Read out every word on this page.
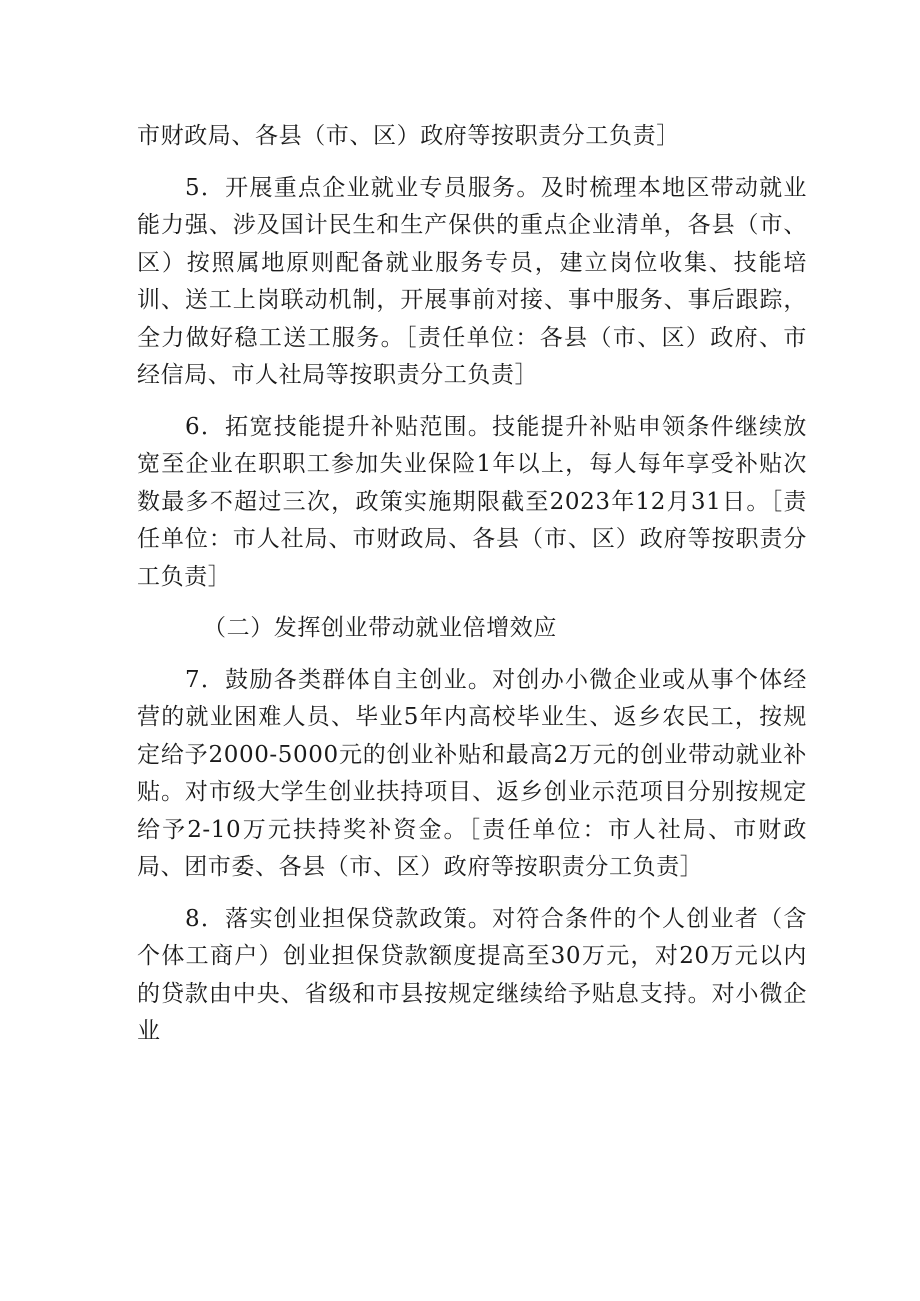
市财政局、各县（市、区）政府等按职责分工负责］

5．开展重点企业就业专员服务。及时梳理本地区带动就业能力强、涉及国计民生和生产保供的重点企业清单，各县（市、区）按照属地原则配备就业服务专员，建立岗位收集、技能培训、送工上岗联动机制，开展事前对接、事中服务、事后跟踪，全力做好稳工送工服务。［责任单位：各县（市、区）政府、市经信局、市人社局等按职责分工负责］

6．拓宽技能提升补贴范围。技能提升补贴申领条件继续放宽至企业在职职工参加失业保险1年以上，每人每年享受补贴次数最多不超过三次，政策实施期限截至2023年12月31日。［责任单位：市人社局、市财政局、各县（市、区）政府等按职责分工负责］

（二）发挥创业带动就业倍增效应

7．鼓励各类群体自主创业。对创办小微企业或从事个体经营的就业困难人员、毕业5年内高校毕业生、返乡农民工，按规定给予2000-5000元的创业补贴和最高2万元的创业带动就业补贴。对市级大学生创业扶持项目、返乡创业示范项目分别按规定给予2-10万元扶持奖补资金。［责任单位：市人社局、市财政局、团市委、各县（市、区）政府等按职责分工负责］

8．落实创业担保贷款政策。对符合条件的个人创业者（含个体工商户）创业担保贷款额度提高至30万元，对20万元以内的贷款由中央、省级和市县按规定继续给予贴息支持。对小微企业
